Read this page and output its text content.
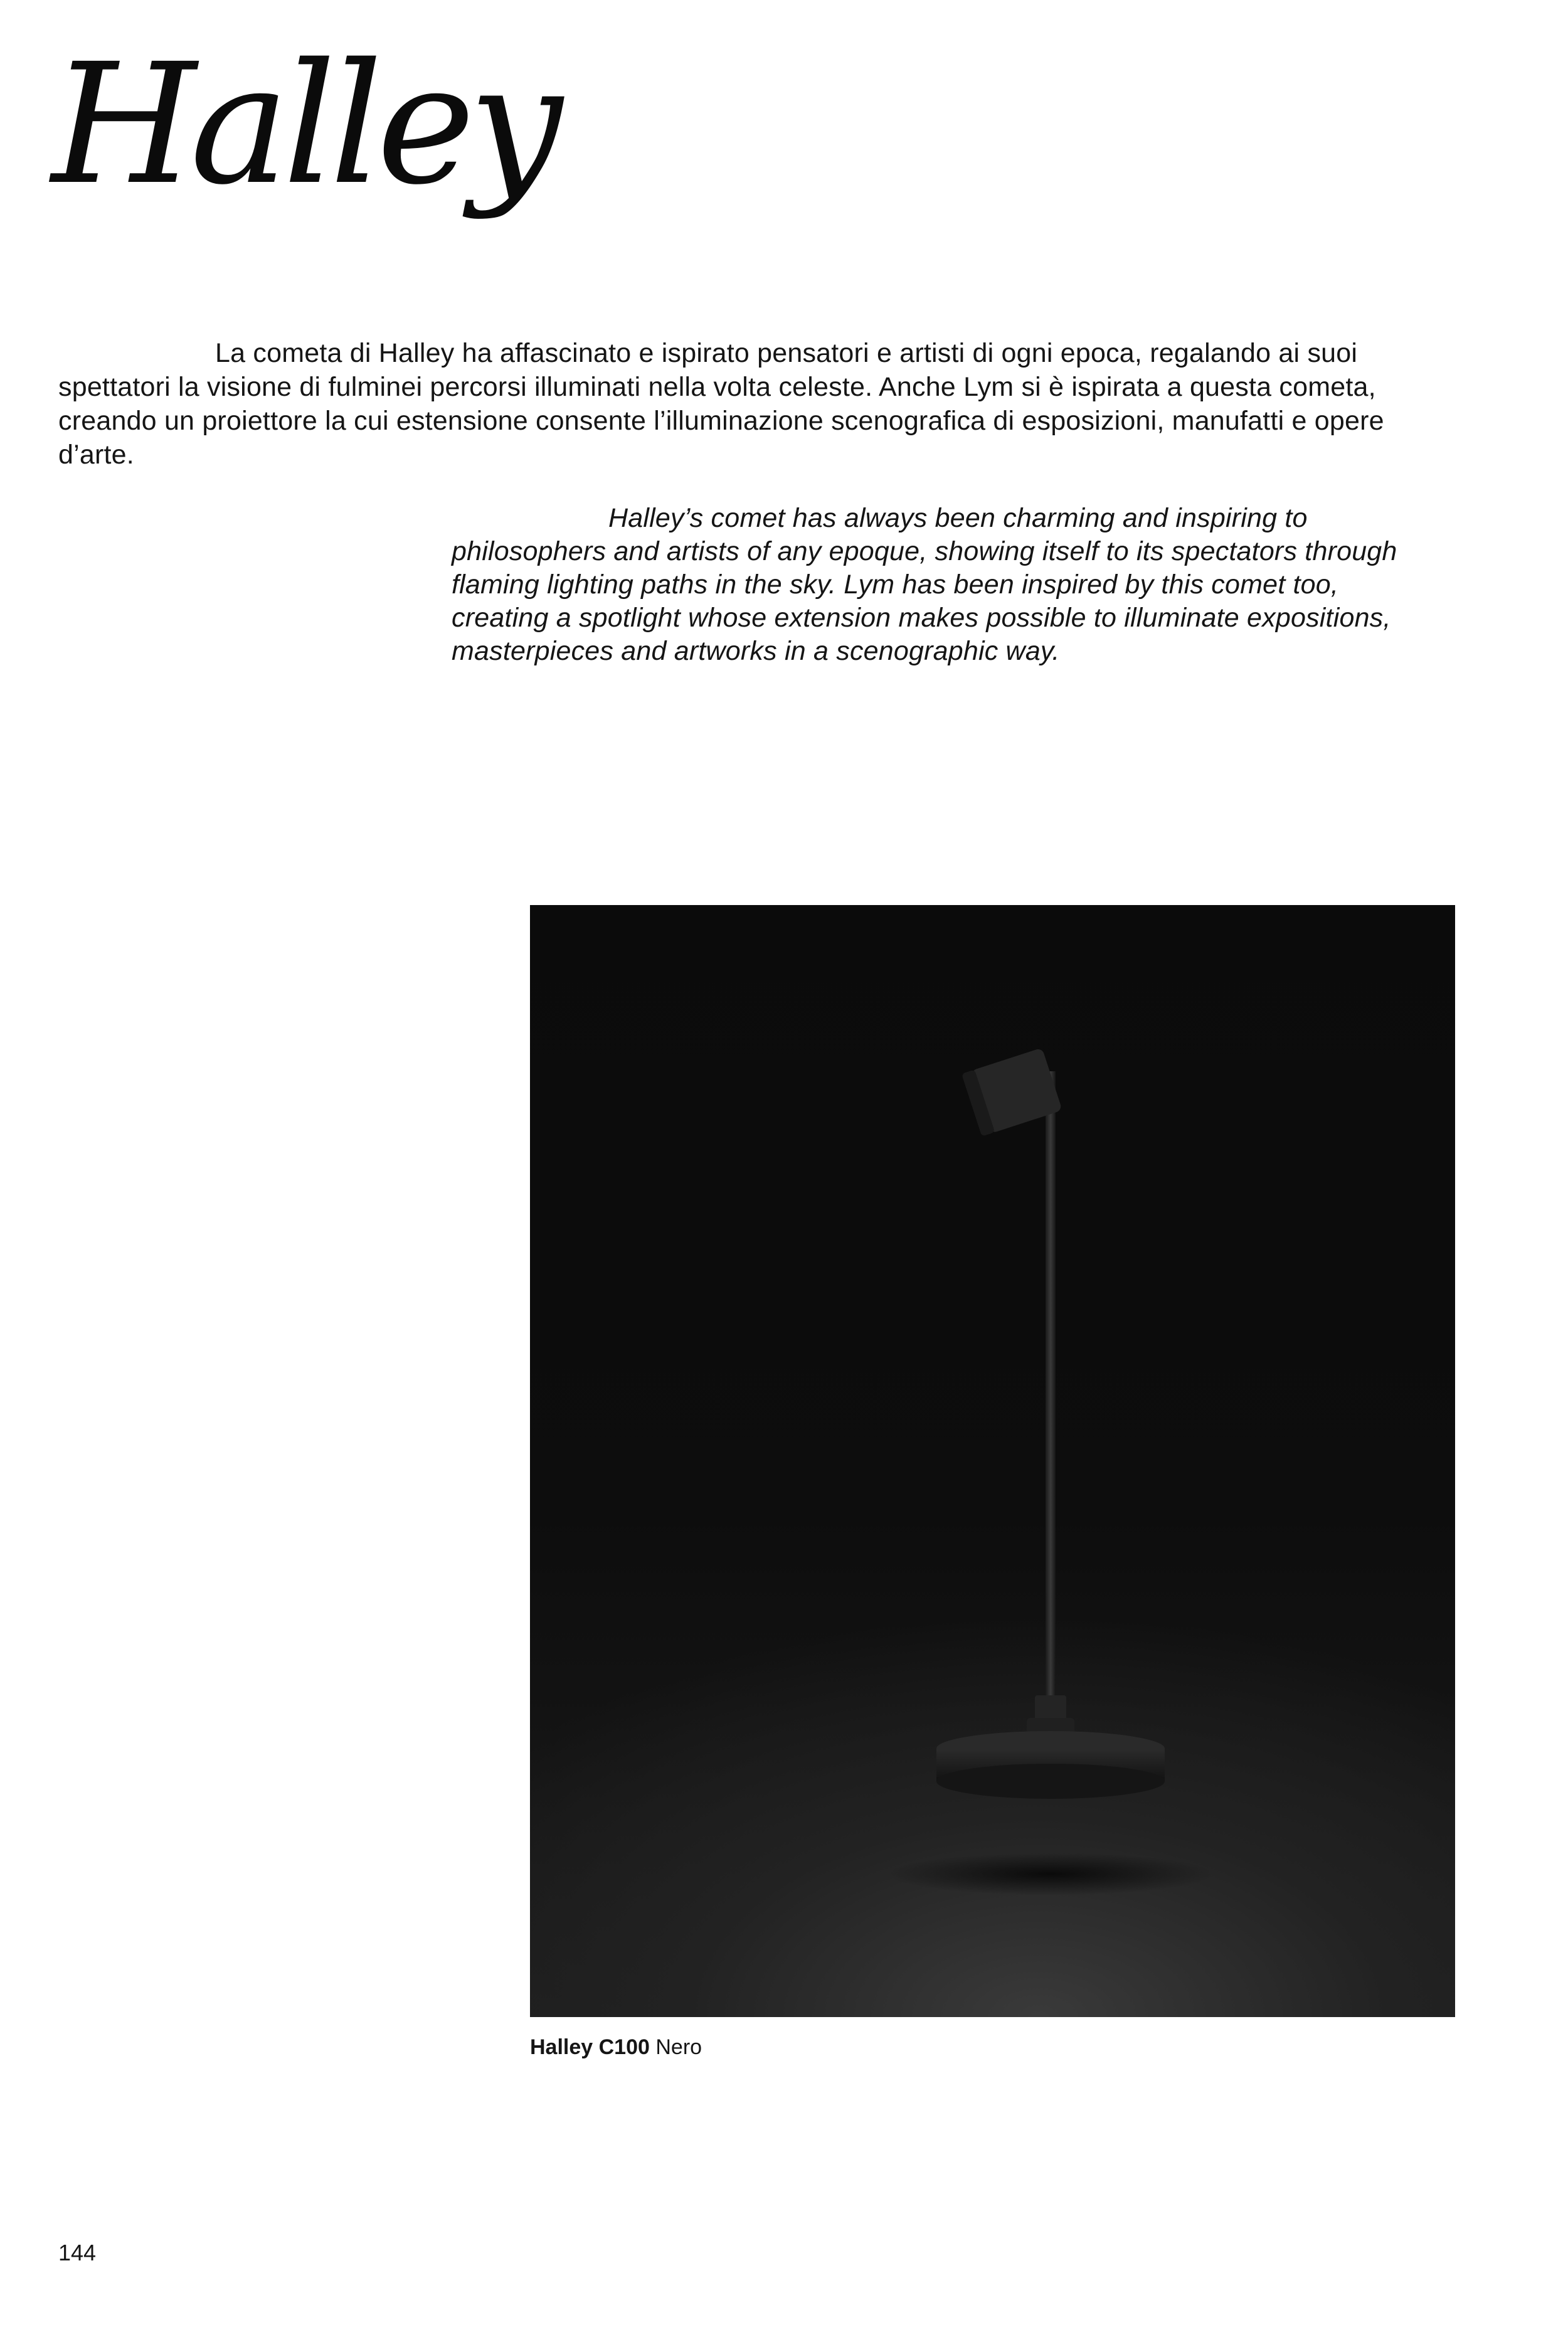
Halley

La cometa di Halley ha affascinato e ispirato pensatori e artisti di ogni epoca, regalando ai suoi spettatori la visione di fulminei percorsi illuminati nella volta celeste. Anche Lym si è ispirata a questa cometa, creando un proiettore la cui estensione consente l’illuminazione scenografica di esposizioni, manufatti e opere d’arte.

Halley’s comet has always been charming and inspiring to philosophers and artists of any epoque, showing itself to its spectators through flaming lighting paths in the sky. Lym has been inspired by this comet too, creating a spotlight whose extension makes possible to illuminate expositions, masterpieces and artworks in a scenographic way.

Halley C100 Nero

144
